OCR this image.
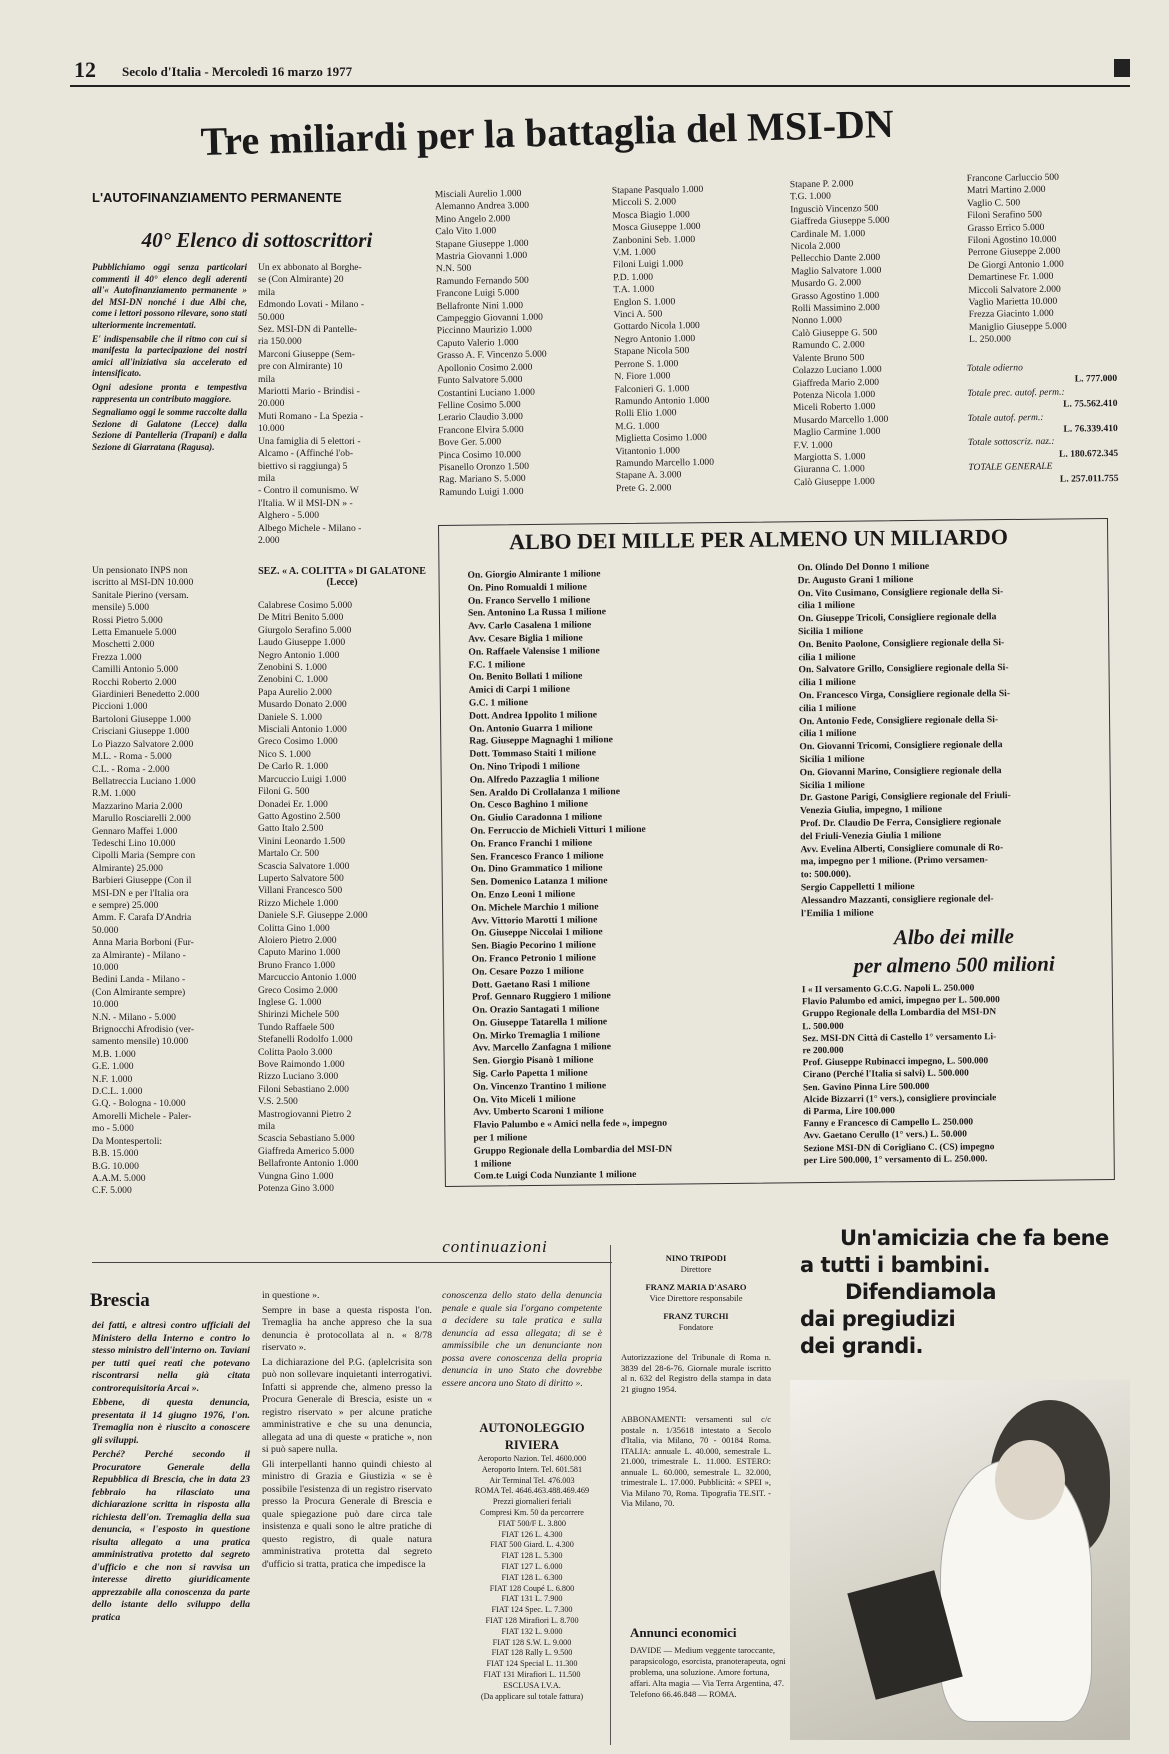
12 Secolo d'Italia - Mercoledì 16 marzo 1977
Tre miliardi per la battaglia del MSI-DN
L'AUTOFINANZIAMENTO PERMANENTE
40° Elenco di sottoscrittori

Pubblichiamo oggi senza particolari commenti il 40° elenco degli aderenti all'« Autofinanziamento permanente » del MSI-DN nonché i due Albi che, come i lettori possono rilevare, sono stati ulteriormente incrementati.

E' indispensabile che il ritmo con cui si manifesta la partecipazione dei nostri amici all'iniziativa sia accelerato ed intensificato.

Ogni adesione pronta e tempestiva rappresenta un contributo maggiore.

Segnaliamo oggi le somme raccolte dalla Sezione di Galatone (Lecce) dalla Sezione di Pantelleria (Trapani) e dalla Sezione di Giarratana (Ragusa).

Un ex abbonato al Borghe-
se (Con Almirante) 20
mila
Edmondo Lovati - Milano -
50.000
Sez. MSI-DN di Pantelle-
ria 150.000
Marconi Giuseppe (Sem-
pre con Almirante) 10
mila
Mariotti Mario - Brindisi -
20.000
Muti Romano - La Spezia -
10.000
Una famiglia di 5 elettori -
Alcamo - (Affinché l'ob-
biettivo si raggiunga) 5
mila
- Contro il comunismo. W
l'Italia. W il MSI-DN » -
Alghero - 5.000
Albego Michele - Milano -
2.000
Un pensionato INPS non
iscritto al MSI-DN 10.000
Sanitale Pierino (versam.
mensile) 5.000
Rossi Pietro 5.000
Letta Emanuele 5.000
Moschetti 2.000
Frezza 1.000
Camilli Antonio 5.000
Rocchi Roberto 2.000
Giardinieri Benedetto 2.000
Piccioni 1.000
Bartoloni Giuseppe 1.000
Crisciani Giuseppe 1.000
Lo Piazzo Salvatore 2.000
M.L. - Roma - 5.000
C.L. - Roma - 2.000
Bellatreccia Luciano 1.000
R.M. 1.000
Mazzarino Maria 2.000
Marullo Rosciarelli 2.000
Gennaro Maffei 1.000
Tedeschi Lino 10.000
Cipolli Maria (Sempre con
Almirante) 25.000
Barbieri Giuseppe (Con il
MSI-DN e per l'Italia ora
e sempre) 25.000
Amm. F. Carafa D'Andria
50.000
Anna Maria Borboni (Fur-
za Almirante) - Milano -
10.000
Bedini Landa - Milano -
(Con Almirante sempre)
10.000
N.N. - Milano - 5.000
Brignocchi Afrodisio (ver-
samento mensile) 10.000
M.B. 1.000
G.E. 1.000
N.F. 1.000
D.C.L. 1.000
G.Q. - Bologna - 10.000
Amorelli Michele - Paler-
mo - 5.000
Da Montespertoli:
B.B. 15.000
B.G. 10.000
A.A.M. 5.000
C.F. 5.000
SEZ. « A. COLITTA » DI GALATONE (Lecce)
Calabrese Cosimo 5.000
De Mitri Benito 5.000
Giurgolo Serafino 5.000
Laudo Giuseppe 1.000
Negro Antonio 1.000
Zenobini S. 1.000
Zenobini C. 1.000
Papa Aurelio 2.000
Musardo Donato 2.000
Daniele S. 1.000
Misciali Antonio 1.000
Greco Cosimo 1.000
Nico S. 1.000
De Carlo R. 1.000
Marcuccio Luigi 1.000
Filoni G. 500
Donadei Er. 1.000
Gatto Agostino 2.500
Gatto Italo 2.500
Vinini Leonardo 1.500
Martalo Cr. 500
Scascia Salvatore 1.000
Luperto Salvatore 500
Villani Francesco 500
Rizzo Michele 1.000
Daniele S.F. Giuseppe 2.000
Colitta Gino 1.000
Aloiero Pietro 2.000
Caputo Marino 1.000
Bruno Franco 1.000
Marcuccio Antonio 1.000
Greco Cosimo 2.000
Inglese G. 1.000
Shirinzi Michele 500
Tundo Raffaele 500
Stefanelli Rodolfo 1.000
Colitta Paolo 3.000
Bove Raimondo 1.000
Rizzo Luciano 3.000
Filoni Sebastiano 2.000
V.S. 2.500
Mastrogiovanni Pietro 2
mila
Scascia Sebastiano 5.000
Giaffreda Americo 5.000
Bellafronte Antonio 1.000
Vungna Gino 1.000
Potenza Gino 3.000
Misciali Aurelio 1.000
Alemanno Andrea 3.000
Mino Angelo 2.000
Calo Vito 1.000
Stapane Giuseppe 1.000
Mastria Giovanni 1.000
N.N. 500
Ramundo Fernando 500
Francone Luigi 5.000
Bellafronte Nini 1.000
Campeggio Giovanni 1.000
Piccinno Maurizio 1.000
Caputo Valerio 1.000
Grasso A. F. Vincenzo 5.000
Apollonio Cosimo 2.000
Funto Salvatore 5.000
Costantini Luciano 1.000
Felline Cosimo 5.000
Lerario Claudio 3.000
Francone Elvira 5.000
Bove Ger. 5.000
Pinca Cosimo 10.000
Pisanello Oronzo 1.500
Rag. Mariano S. 5.000
Ramundo Luigi 1.000
Stapane Pasqualo 1.000
Miccoli S. 2.000
Mosca Biagio 1.000
Mosca Giuseppe 1.000
Zanbonini Seb. 1.000
V.M. 1.000
Filoni Luigi 1.000
P.D. 1.000
T.A. 1.000
Englon S. 1.000
Vinci A. 500
Gottardo Nicola 1.000
Negro Antonio 1.000
Stapane Nicola 500
Perrone S. 1.000
N. Fiore 1.000
Falconieri G. 1.000
Ramundo Antonio 1.000
Rolli Elio 1.000
M.G. 1.000
Miglietta Cosimo 1.000
Vitantonio 1.000
Ramundo Marcello 1.000
Stapane A. 3.000
Prete G. 2.000
Stapane P. 2.000
T.G. 1.000
Ingusciò Vincenzo 500
Giaffreda Giuseppe 5.000
Cardinale M. 1.000
Nicola 2.000
Pellecchio Dante 2.000
Maglio Salvatore 1.000
Musardo G. 2.000
Grasso Agostino 1.000
Rolli Massimino 2.000
Nonno 1.000
Calò Giuseppe G. 500
Ramundo C. 2.000
Valente Bruno 500
Colazzo Luciano 1.000
Giaffreda Mario 2.000
Potenza Nicola 1.000
Miceli Roberto 1.000
Musardo Marcello 1.000
Maglio Carmine 1.000
F.V. 1.000
Margiotta S. 1.000
Giuranna C. 1.000
Calò Giuseppe 1.000
Francone Carluccio 500
Matri Martino 2.000
Vaglio C. 500
Filoni Serafino 500
Grasso Errico 5.000
Filoni Agostino 10.000
Perrone Giuseppe 2.000
De Giorgi Antonio 1.000
Demartinese Fr. 1.000
Miccoli Salvatore 2.000
Vaglio Marietta 10.000
Frezza Giacinto 1.000
Maniglio Giuseppe 5.000
L. 250.000
Totale odierno
L. 777.000
Totale prec. autof. perm.:
L. 75.562.410
Totale autof. perm.:
L. 76.339.410
Totale sottoscriz. naz.:
L. 180.672.345
TOTALE GENERALE
L. 257.011.755
ALBO DEI MILLE PER ALMENO UN MILIARDO
On. Giorgio Almirante 1 milione
On. Pino Romualdi 1 milione
On. Franco Servello 1 milione
Sen. Antonino La Russa 1 milione
Avv. Carlo Casalena 1 milione
Avv. Cesare Biglia 1 milione
On. Raffaele Valensise 1 milione
F.C. 1 milione
On. Benito Bollati 1 milione
Amici di Carpi 1 milione
G.C. 1 milione
Dott. Andrea Ippolito 1 milione
On. Antonio Guarra 1 milione
Rag. Giuseppe Magnaghi 1 milione
Dott. Tommaso Staiti 1 milione
On. Nino Tripodi 1 milione
On. Alfredo Pazzaglia 1 milione
Sen. Araldo Di Crollalanza 1 milione
On. Cesco Baghino 1 milione
On. Giulio Caradonna 1 milione
On. Ferruccio de Michieli Vitturi 1 milione
On. Franco Franchi 1 milione
Sen. Francesco Franco 1 milione
On. Dino Grammatico 1 milione
Sen. Domenico Latanza 1 milione
On. Enzo Leoni 1 milione
On. Michele Marchio 1 milione
Avv. Vittorio Marotti 1 milione
On. Giuseppe Niccolai 1 milione
Sen. Biagio Pecorino 1 milione
On. Franco Petronio 1 milione
On. Cesare Pozzo 1 milione
Dott. Gaetano Rasi 1 milione
Prof. Gennaro Ruggiero 1 milione
On. Orazio Santagati 1 milione
On. Giuseppe Tatarella 1 milione
On. Mirko Tremaglia 1 milione
Avv. Marcello Zanfagna 1 milione
Sen. Giorgio Pisanò 1 milione
Sig. Carlo Papetta 1 milione
On. Vincenzo Trantino 1 milione
On. Vito Miceli 1 milione
Avv. Umberto Scaroni 1 milione
Flavio Palumbo e « Amici nella fede », impegno
per 1 milione
Gruppo Regionale della Lombardia del MSI-DN
1 milione
Com.te Luigi Coda Nunziante 1 milione
On. Olindo Del Donno 1 milione
Dr. Augusto Grani 1 milione
On. Vito Cusimano, Consigliere regionale della Si-
cilia 1 milione
On. Giuseppe Tricoli, Consigliere regionale della
Sicilia 1 milione
On. Benito Paolone, Consigliere regionale della Si-
cilia 1 milione
On. Salvatore Grillo, Consigliere regionale della Si-
cilia 1 milione
On. Francesco Virga, Consigliere regionale della Si-
cilia 1 milione
On. Antonio Fede, Consigliere regionale della Si-
cilia 1 milione
On. Giovanni Tricomi, Consigliere regionale della
Sicilia 1 milione
On. Giovanni Marino, Consigliere regionale della
Sicilia 1 milione
Dr. Gastone Parigi, Consigliere regionale del Friuli-
Venezia Giulia, impegno, 1 milione
Prof. Dr. Claudio De Ferra, Consigliere regionale
del Friuli-Venezia Giulia 1 milione
Avv. Evelina Alberti, Consigliere comunale di Ro-
ma, impegno per 1 milione. (Primo versamen-
to: 500.000).
Sergio Cappelletti 1 milione
Alessandro Mazzanti, consigliere regionale del-
l'Emilia 1 milione
Albo dei mille
per almeno 500 milioni
I « II versamento G.C.G. Napoli L. 250.000
Flavio Palumbo ed amici, impegno per L. 500.000
Gruppo Regionale della Lombardia del MSI-DN
L. 500.000
Sez. MSI-DN Città di Castello 1° versamento Li-
re 200.000
Prof. Giuseppe Rubinacci impegno, L. 500.000
Cirano (Perché l'Italia si salvi) L. 500.000
Sen. Gavino Pinna Lire 500.000
Alcide Bizzarri (1° vers.), consigliere provinciale
di Parma, Lire 100.000
Fanny e Francesco di Campello L. 250.000
Avv. Gaetano Cerullo (1° vers.) L. 50.000
Sezione MSI-DN di Corigliano C. (CS) impegno
per Lire 500.000, 1° versamento di L. 250.000.
continuazioni
Brescia

dei fatti, e altresì contro ufficiali del Ministero della Interno e contro lo stesso ministro dell'interno on. Taviani per tutti quei reati che potevano riscontrarsi nella già citata controrequisitoria Arcai ».

Ebbene, di questa denuncia, presentata il 14 giugno 1976, l'on. Tremaglia non è riuscito a conoscere gli sviluppi.

Perché? Perché secondo il Procuratore Generale della Repubblica di Brescia, che in data 23 febbraio ha rilasciato una dichiarazione scritta in risposta alla richiesta dell'on. Tremaglia della sua denuncia, « l'esposto in questione risulta allegato a una pratica amministrativa protetto dal segreto d'ufficio e che non si ravvisa un interesse diretto giuridicamente apprezzabile alla conoscenza da parte dello istante dello sviluppo della pratica

in questione ».

Sempre in base a questa risposta l'on. Tremaglia ha anche appreso che la sua denuncia è protocollata al n. « 8/78 riservato ».

La dichiarazione del P.G. (aplelcrisita son può non sollevare inquietanti interrogativi. Infatti si apprende che, almeno presso la Procura Generale di Brescia, esiste un « registro riservato » per alcune pratiche amministrative e che su una denuncia, allegata ad una di queste « pratiche », non si può sapere nulla.

Gli interpellanti hanno quindi chiesto al ministro di Grazia e Giustizia « se è possibile l'esistenza di un registro riservato presso la Procura Generale di Brescia e quale spiegazione può dare circa tale insistenza e quali sono le altre pratiche di questo registro, di quale natura amministrativa protetta dal segreto d'ufficio si tratta, pratica che impedisce la

conoscenza dello stato della denuncia penale e quale sia l'organo competente a decidere su tale pratica e sulla denuncia ad essa allegata; di se è ammissibile che un denunciante non possa avere conoscenza della propria denuncia in uno Stato che dovrebbe essere ancora uno Stato di diritto ».

AUTONOLEGGIO
RIVIERA
Aeroporto Nazion. Tel. 4600.000
Aeroporto Intern. Tel. 601.581
Air Terminal Tel. 476.003
ROMA Tel. 4646.463.488.469.469
Prezzi giornalieri feriali
Compresi Km. 50 da percorrere
FIAT 500/F L. 3.800
FIAT 126 L. 4.300
FIAT 500 Giard. L. 4.300
FIAT 128 L. 5.300
FIAT 127 L. 6.000
FIAT 128 L. 6.300
FIAT 128 Coupé L. 6.800
FIAT 131 L. 7.900
FIAT 124 Spec. L. 7.300
FIAT 128 Mirafiori L. 8.700
FIAT 132 L. 9.000
FIAT 128 S.W. L. 9.000
FIAT 128 Rally L. 9.500
FIAT 124 Special L. 11.300
FIAT 131 Mirafiori L. 11.500
ESCLUSA I.V.A.
(Da applicare sul totale fattura)
NINO TRIPODI
Direttore
FRANZ MARIA D'ASARO
Vice Direttore responsabile
FRANZ TURCHI
Fondatore
Autorizzazione del Tribunale di Roma n. 3839 del 28-6-76. Giornale murale iscritto al n. 632 del Registro della stampa in data 21 giugno 1954.
ABBONAMENTI: versamenti sul c/c postale n. 1/35618 intestato a Secolo d'Italia, via Milano, 70 - 00184 Roma. ITALIA: annuale L. 40.000, semestrale L. 21.000, trimestrale L. 11.000. ESTERO: annuale L. 60.000, semestrale L. 32.000, trimestrale L. 17.000. Pubblicità: « SPEI », Via Milano 70, Roma. Tipografia TE.SIT. - Via Milano, 70.
Annunci economici
DAVIDE — Medium veggente taroccante, parapsicologo, esorcista, pranoterapeuta, ogni problema, una soluzione. Amore fortuna, affari. Alta magia — Via Terra Argentina, 47. Telefono 66.46.848 — ROMA.
Un'amicizia che fa bene
a tutti i bambini.
Difendiamola
dai pregiudizi
dei grandi.
